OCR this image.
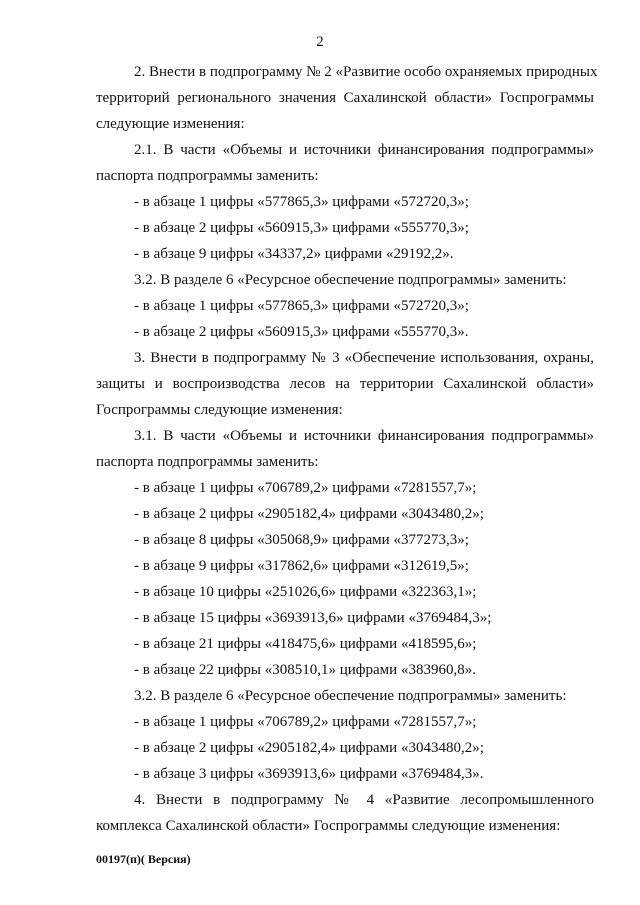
2
2. Внести в подпрограмму № 2 «Развитие особо охраняемых природных
территорий регионального значения Сахалинской области» Госпрограммы
следующие изменения:
2.1. В части «Объемы и источники финансирования подпрограммы»
паспорта подпрограммы заменить:
- в абзаце 1 цифры «577865,3» цифрами «572720,3»;
- в абзаце 2 цифры «560915,3» цифрами «555770,3»;
- в абзаце 9 цифры «34337,2» цифрами «29192,2».
3.2. В разделе 6 «Ресурсное обеспечение подпрограммы» заменить:
- в абзаце 1 цифры «577865,3» цифрами «572720,3»;
- в абзаце 2 цифры «560915,3» цифрами «555770,3».
3. Внести в подпрограмму № 3 «Обеспечение использования, охраны,
защиты и воспроизводства лесов на территории Сахалинской области»
Госпрограммы следующие изменения:
3.1. В части «Объемы и источники финансирования подпрограммы»
паспорта подпрограммы заменить:
- в абзаце 1 цифры «706789,2» цифрами «7281557,7»;
- в абзаце 2 цифры «2905182,4» цифрами «3043480,2»;
- в абзаце 8 цифры «305068,9» цифрами «377273,3»;
- в абзаце 9 цифры «317862,6» цифрами «312619,5»;
- в абзаце 10 цифры «251026,6» цифрами «322363,1»;
- в абзаце 15 цифры «3693913,6» цифрами «3769484,3»;
- в абзаце 21 цифры «418475,6» цифрами «418595,6»;
- в абзаце 22 цифры «308510,1» цифрами «383960,8».
3.2. В разделе 6 «Ресурсное обеспечение подпрограммы» заменить:
- в абзаце 1 цифры «706789,2» цифрами «7281557,7»;
- в абзаце 2 цифры «2905182,4» цифрами «3043480,2»;
- в абзаце 3 цифры «3693913,6» цифрами «3769484,3».
4. Внести в подпрограмму № 4 «Развитие лесопромышленного
комплекса Сахалинской области» Госпрограммы следующие изменения:
00197(п)( Версия)
